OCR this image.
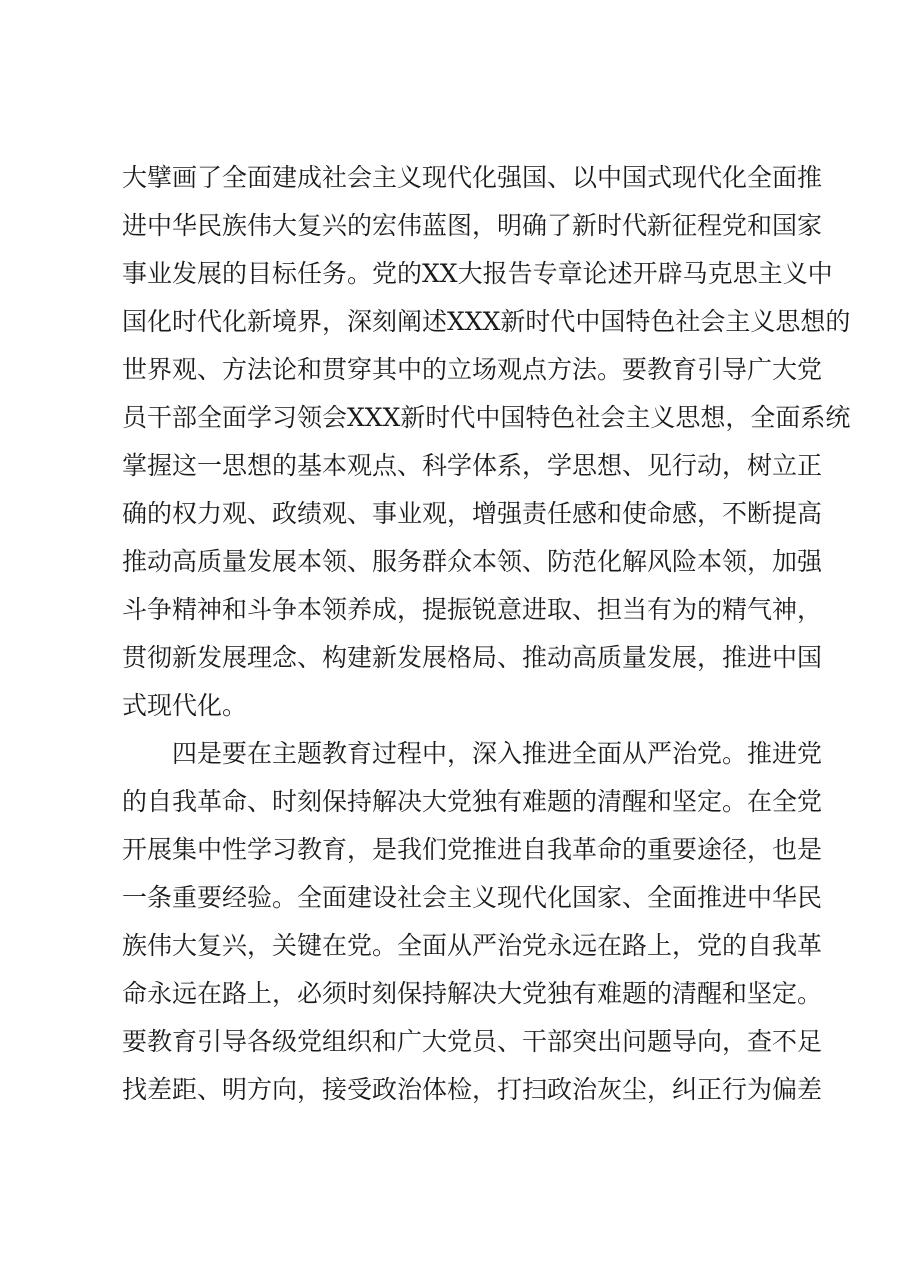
大擘画了全面建成社会主义现代化强国、以中国式现代化全面推
进中华民族伟大复兴的宏伟蓝图，明确了新时代新征程党和国家
事业发展的目标任务。党的XX大报告专章论述开辟马克思主义中
国化时代化新境界，深刻阐述XXX新时代中国特色社会主义思想的
世界观、方法论和贯穿其中的立场观点方法。要教育引导广大党
员干部全面学习领会XXX新时代中国特色社会主义思想，全面系统
掌握这一思想的基本观点、科学体系，学思想、见行动，树立正
确的权力观、政绩观、事业观，增强责任感和使命感，不断提高
推动高质量发展本领、服务群众本领、防范化解风险本领，加强
斗争精神和斗争本领养成，提振锐意进取、担当有为的精气神，
贯彻新发展理念、构建新发展格局、推动高质量发展，推进中国
式现代化。
四是要在主题教育过程中，深入推进全面从严治党。推进党
的自我革命、时刻保持解决大党独有难题的清醒和坚定。在全党
开展集中性学习教育，是我们党推进自我革命的重要途径，也是
一条重要经验。全面建设社会主义现代化国家、全面推进中华民
族伟大复兴，关键在党。全面从严治党永远在路上，党的自我革
命永远在路上，必须时刻保持解决大党独有难题的清醒和坚定。
要教育引导各级党组织和广大党员、干部突出问题导向，查不足
找差距、明方向，接受政治体检，打扫政治灰尘，纠正行为偏差
